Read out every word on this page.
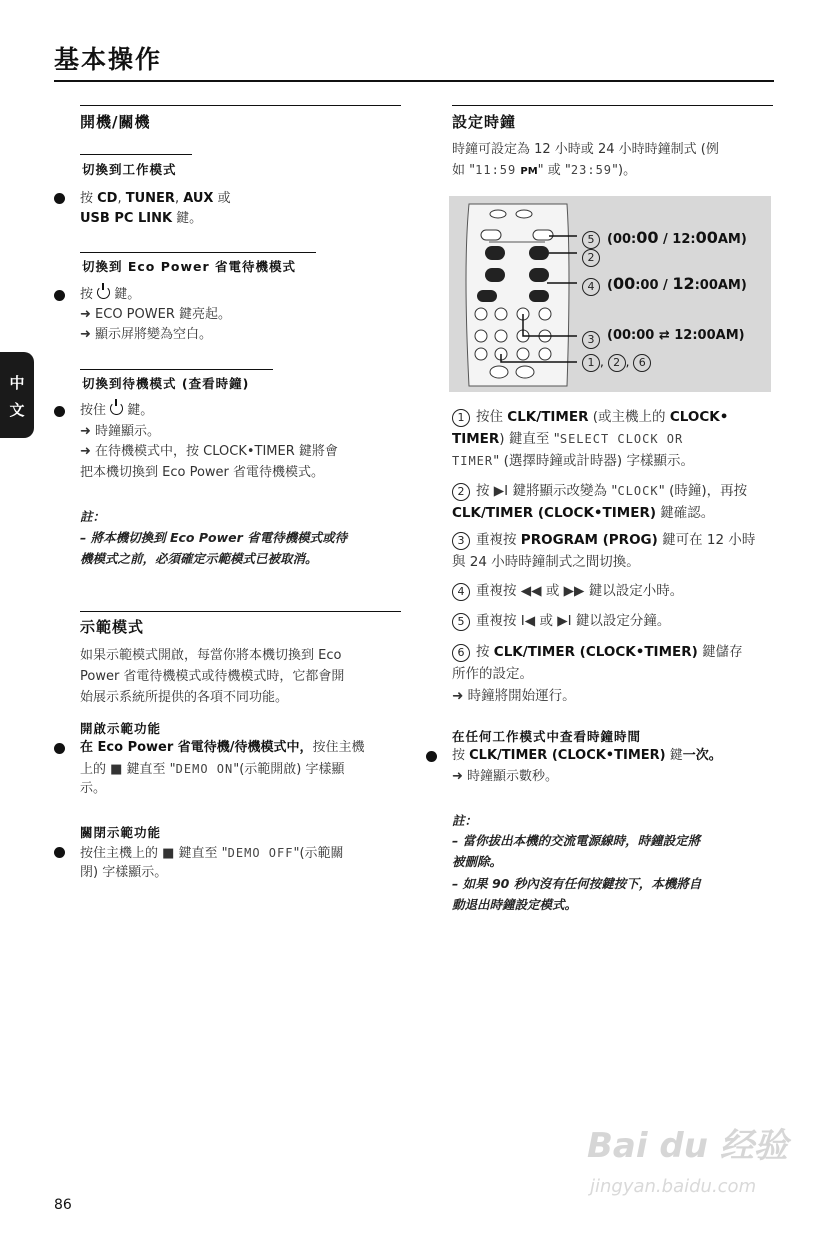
基本操作
中
文
開機/關機
切換到工作模式
按 CD, TUNER, AUX 或
USB PC LINK 鍵。
切換到 Eco Power 省電待機模式
按  鍵。
➜ ECO POWER 鍵亮起。
➜ 顯示屏將變為空白。
切換到待機模式 (查看時鐘)
按住  鍵。
➜ 時鐘顯示。
➜ 在待機模式中，按 CLOCK•TIMER 鍵將會
把本機切換到 Eco Power 省電待機模式。
註：
– 將本機切換到 Eco Power 省電待機模式或待
機模式之前，必須確定示範模式已被取消。
示範模式
如果示範模式開啟，每當你將本機切換到 Eco
Power 省電待機模式或待機模式時，它都會開
始展示系統所提供的各項不同功能。
開啟示範功能
在 Eco Power 省電待機/待機模式中，按住主機
上的 ■ 鍵直至 "DEMO ON"(示範開啟) 字樣顯
示。
關閉示範功能
按住主機上的 ■ 鍵直至 "DEMO OFF"(示範關
閉) 字樣顯示。
設定時鐘
時鐘可設定為 12 小時或 24 小時時鐘制式 (例
如 "11:59 PM" 或 "23:59")。
5 (00:00 / 12:00AM)
2
4 (00:00 / 12:00AM)
3 (00:00 ⇄ 12:00AM)
1 , 2 , 6
1 按住 CLK/TIMER (或主機上的 CLOCK•
TIMER) 鍵直至 "SELECT CLOCK OR
TIMER" (選擇時鐘或計時器) 字樣顯示。
2 按 ▶I 鍵將顯示改變為 "CLOCK" (時鐘)，再按
CLK/TIMER (CLOCK•TIMER) 鍵確認。
3 重複按 PROGRAM (PROG) 鍵可在 12 小時
與 24 小時時鐘制式之間切換。
4 重複按 ◀◀ 或 ▶▶ 鍵以設定小時。
5 重複按 I◀ 或 ▶I 鍵以設定分鐘。
6 按 CLK/TIMER (CLOCK•TIMER) 鍵儲存
所作的設定。
➜ 時鐘將開始運行。
在任何工作模式中查看時鐘時間
按 CLK/TIMER (CLOCK•TIMER) 鍵一次。
➜ 時鐘顯示數秒。
註：
– 當你拔出本機的交流電源線時，時鐘設定將
被刪除。
– 如果 90 秒內沒有任何按鍵按下，本機將自
動退出時鐘設定模式。
86
Bai du 经验
jingyan.baidu.com
